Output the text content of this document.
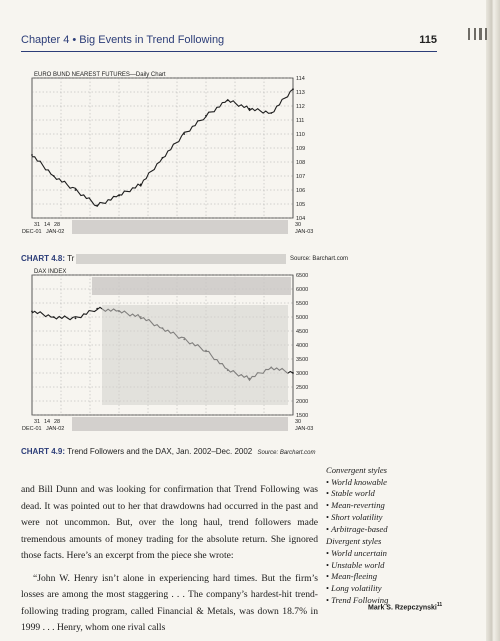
Chapter 4 • Big Events in Trend Following	115
EURO BUND NEAREST FUTURES—Daily Chart
104
105
106
107
108
109
110
111
112
113
114
31 14 28
DEC-01 JAN-02
30
JAN-03
CHART 4.8: Tr	Source: Barchart.com
DAX INDEX
1500
2000
2500
3000
3500
4000
4500
5000
5500
6000
6500
31 14 28
DEC-01 JAN-02
30
JAN-03
CHART 4.9: Trend Followers and the DAX, Jan. 2002–Dec. 2002 Source: Barchart.com

and Bill Dunn and was looking for confirmation that Trend Following was dead. It was pointed out to her that drawdowns had occurred in the past and were not uncommon. But, over the long haul, trend followers made tremendous amounts of money trading for the absolute return. She ignored those facts. Here’s an excerpt from the piece she wrote:

“John W. Henry isn’t alone in experiencing hard times. But the firm’s losses are among the most staggering . . . The company’s hardest-hit trend-following trading program, called Financial & Metals, was down 18.7% in 1999 . . . Henry, whom one rival calls

Convergent styles
• World knowable
• Stable world
• Mean-reverting
• Short volatility
• Arbitrage-based
Divergent styles
• World uncertain
• Unstable world
• Mean-fleeing
• Long volatility
• Trend Following
Mark S. Rzepczynski$^{11}$
